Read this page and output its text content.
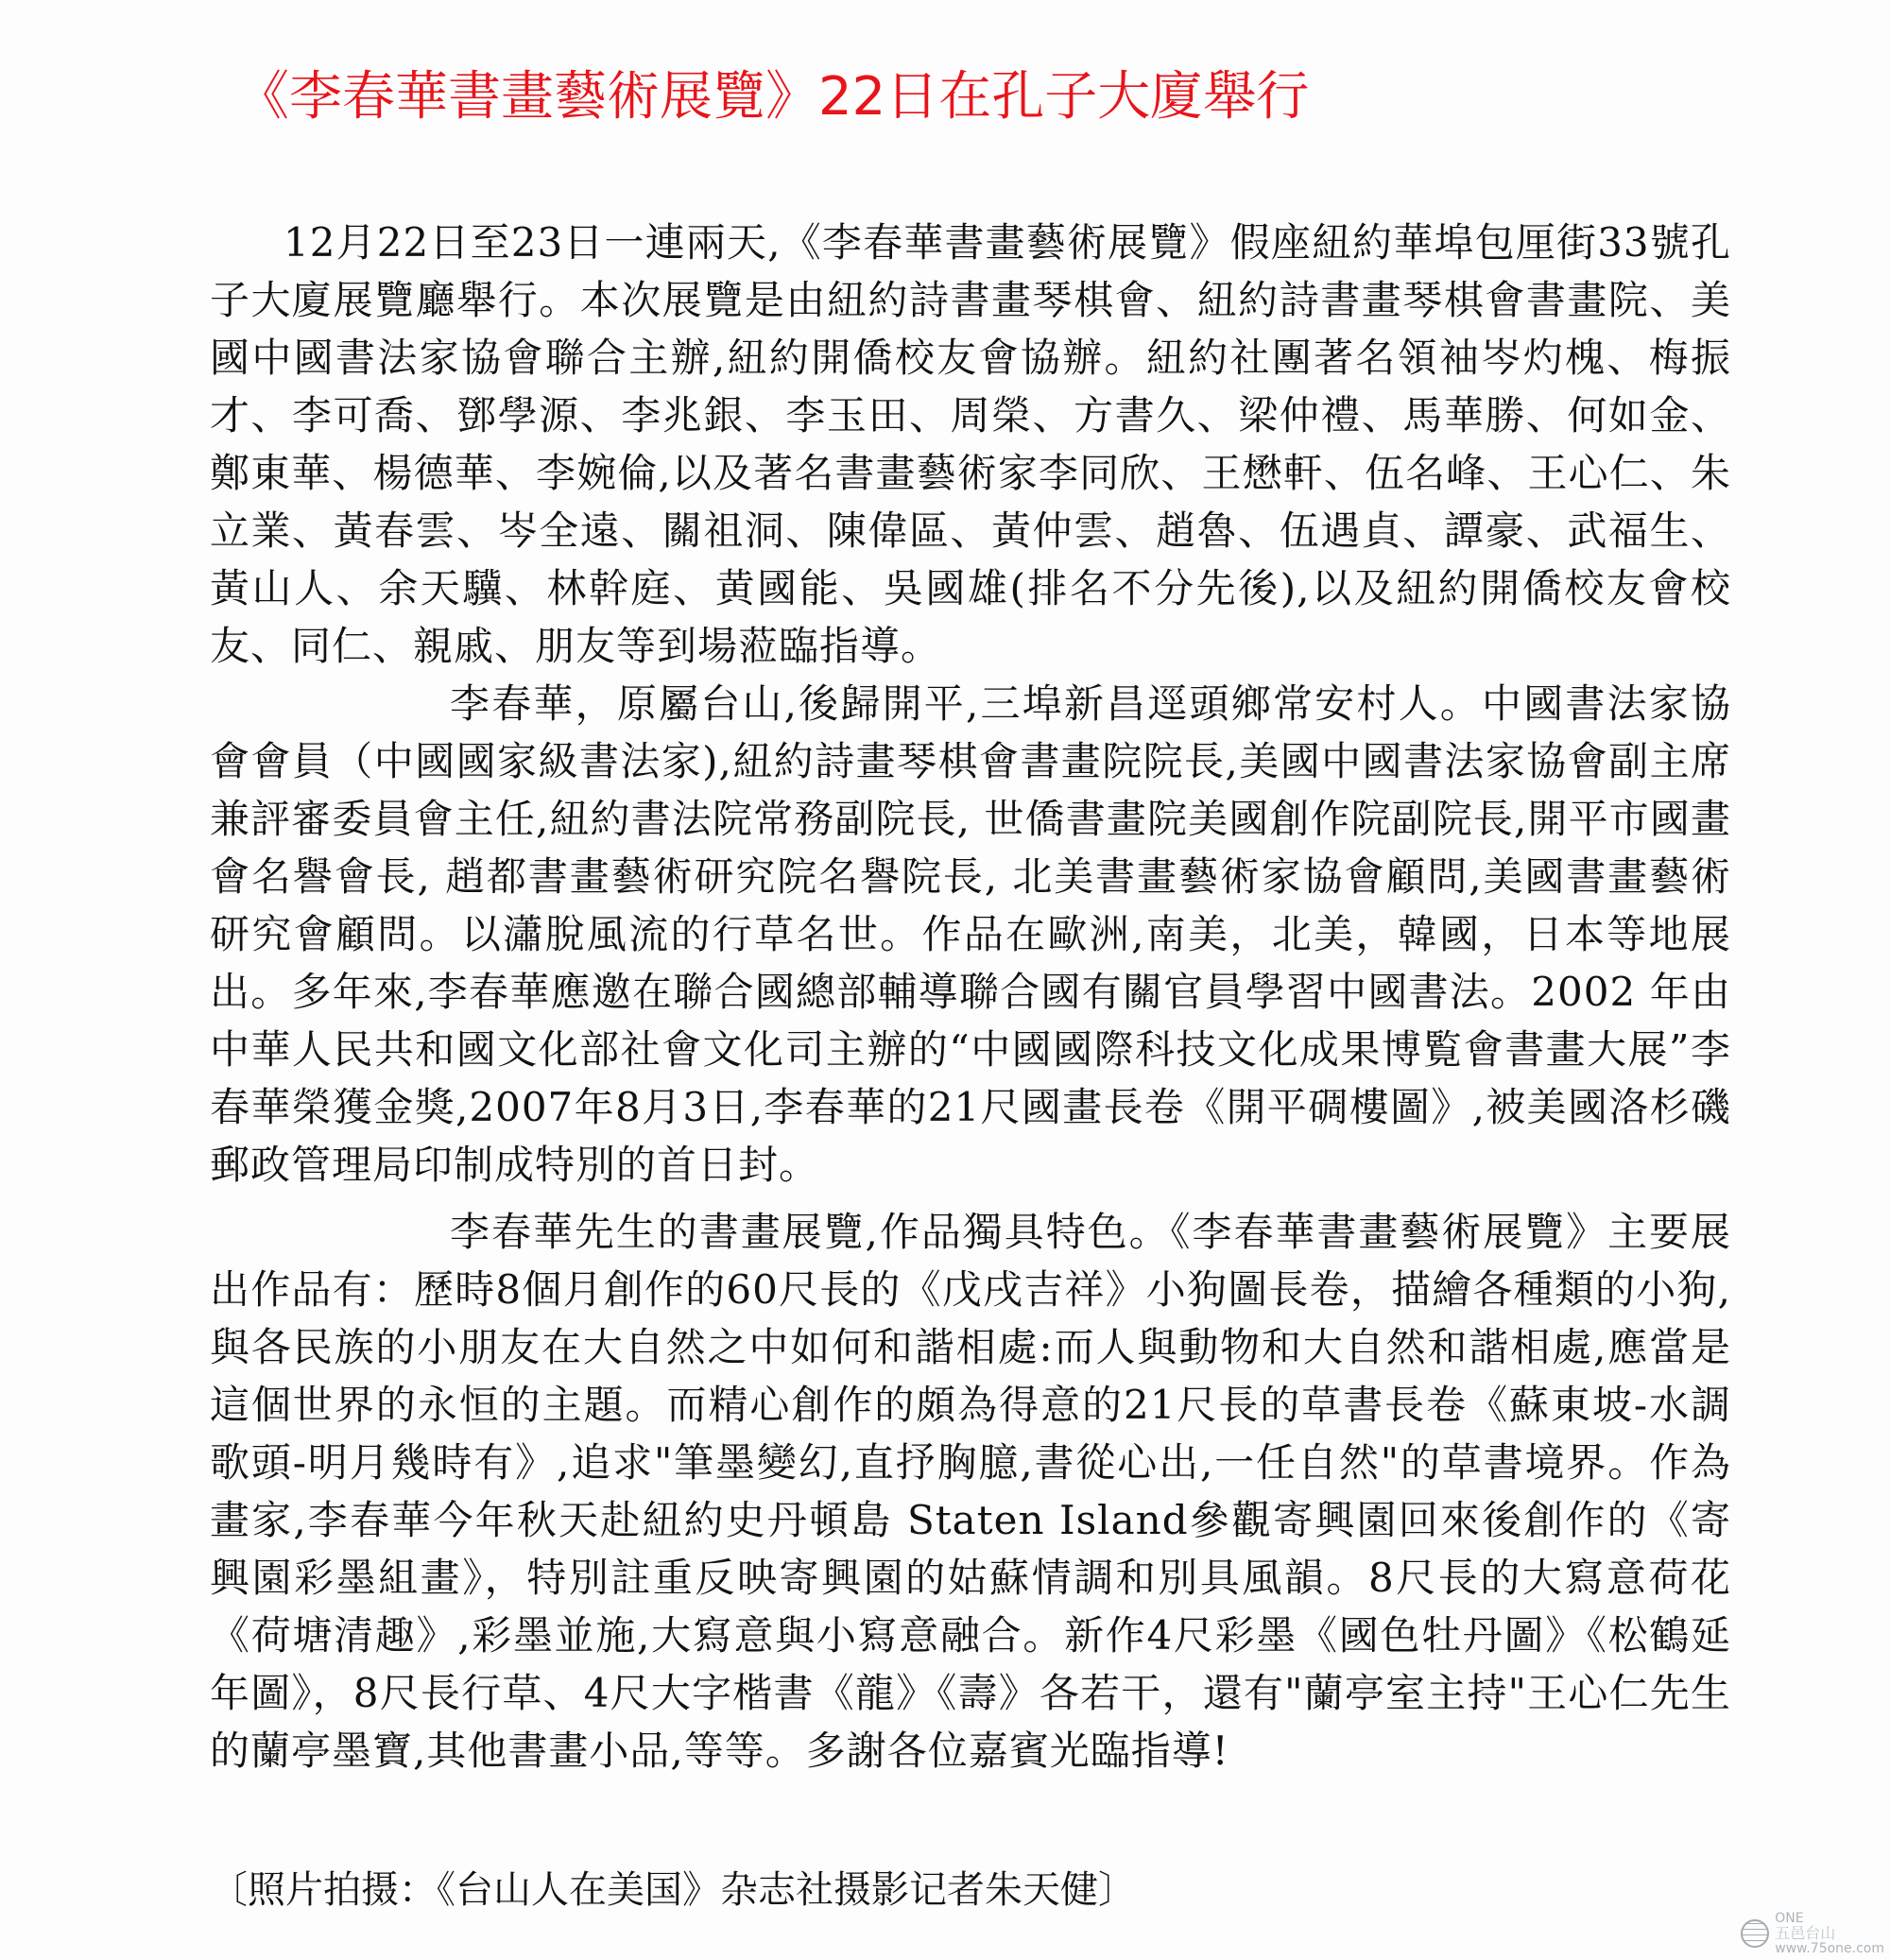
《李春華書畫藝術展覽》22日在孔子大廈舉行

12月22日至23日一連兩天,《李春華書畫藝術展覽》假座紐約華埠包厘街33號孔子大廈展覽廳舉行。本次展覽是由紐約詩書畫琴棋會、紐約詩書畫琴棋會書畫院、美國中國書法家協會聯合主辦,紐約開僑校友會協辦。紐約社團著名領袖岑灼槐、梅振才、李可喬、鄧學源、李兆銀、李玉田、周榮、方書久、梁仲禮、馬華勝、何如金、鄭東華、楊德華、李婉倫,以及著名書畫藝術家李同欣、王懋軒、伍名峰、王心仁、朱立業、黃春雲、岑全遠、關祖洞、陳偉區、黃仲雲、趙魯、伍遇貞、譚豪、武福生、黃山人、余天驥、林幹庭、黄國能、吳國雄(排名不分先後),以及紐約開僑校友會校友、同仁、親戚、朋友等到場蒞臨指導。

李春華，原屬台山,後歸開平,三埠新昌逕頭鄉常安村人。中國書法家協會會員（中國國家級書法家),紐約詩畫琴棋會書畫院院長,美國中國書法家協會副主席兼評審委員會主任,紐約書法院常務副院長, 世僑書畫院美國創作院副院長,開平市國畫會名譽會長, 趙都書畫藝術研究院名譽院長, 北美書畫藝術家協會顧問,美國書畫藝術研究會顧問。以瀟脫風流的行草名世。作品在歐洲,南美，北美，韓國，日本等地展出。多年來,李春華應邀在聯合國總部輔導聯合國有關官員學習中國書法。2002 年由中華人民共和國文化部社會文化司主辦的“中國國際科技文化成果博覧會書畫大展”李春華榮獲金獎,2007年8月3日,李春華的21尺國畫長卷《開平碉樓圖》,被美國洛杉磯郵政管理局印制成特別的首日封。

李春華先生的書畫展覽,作品獨具特色。《李春華書畫藝術展覽》主要展出作品有：歷時8個月創作的60尺長的《戊戌吉祥》小狗圖長卷，描繪各種類的小狗,與各民族的小朋友在大自然之中如何和諧相處:而人與動物和大自然和諧相處,應當是這個世界的永恒的主題。而精心創作的頗為得意的21尺長的草書長卷《蘇東坡-水調歌頭-明月幾時有》,追求"筆墨變幻,直抒胸臆,書從心出,一任自然"的草書境界。作為畫家,李春華今年秋天赴紐約史丹頓島 Staten Island參觀寄興園回來後創作的《寄興園彩墨組畫》，特別註重反映寄興園的姑蘇情調和別具風韻。8尺長的大寫意荷花《荷塘清趣》,彩墨並施,大寫意與小寫意融合。新作4尺彩墨《國色牡丹圖》《松鶴延年圖》，8尺長行草、4尺大字楷書《龍》《壽》各若干，還有"蘭亭室主持"王心仁先生的蘭亭墨寶,其他書畫小品,等等。多謝各位嘉賓光臨指導!

〔照片拍摄：《台山人在美国》杂志社摄影记者朱天健〕
ONE
五邑台山
www.75one.com
